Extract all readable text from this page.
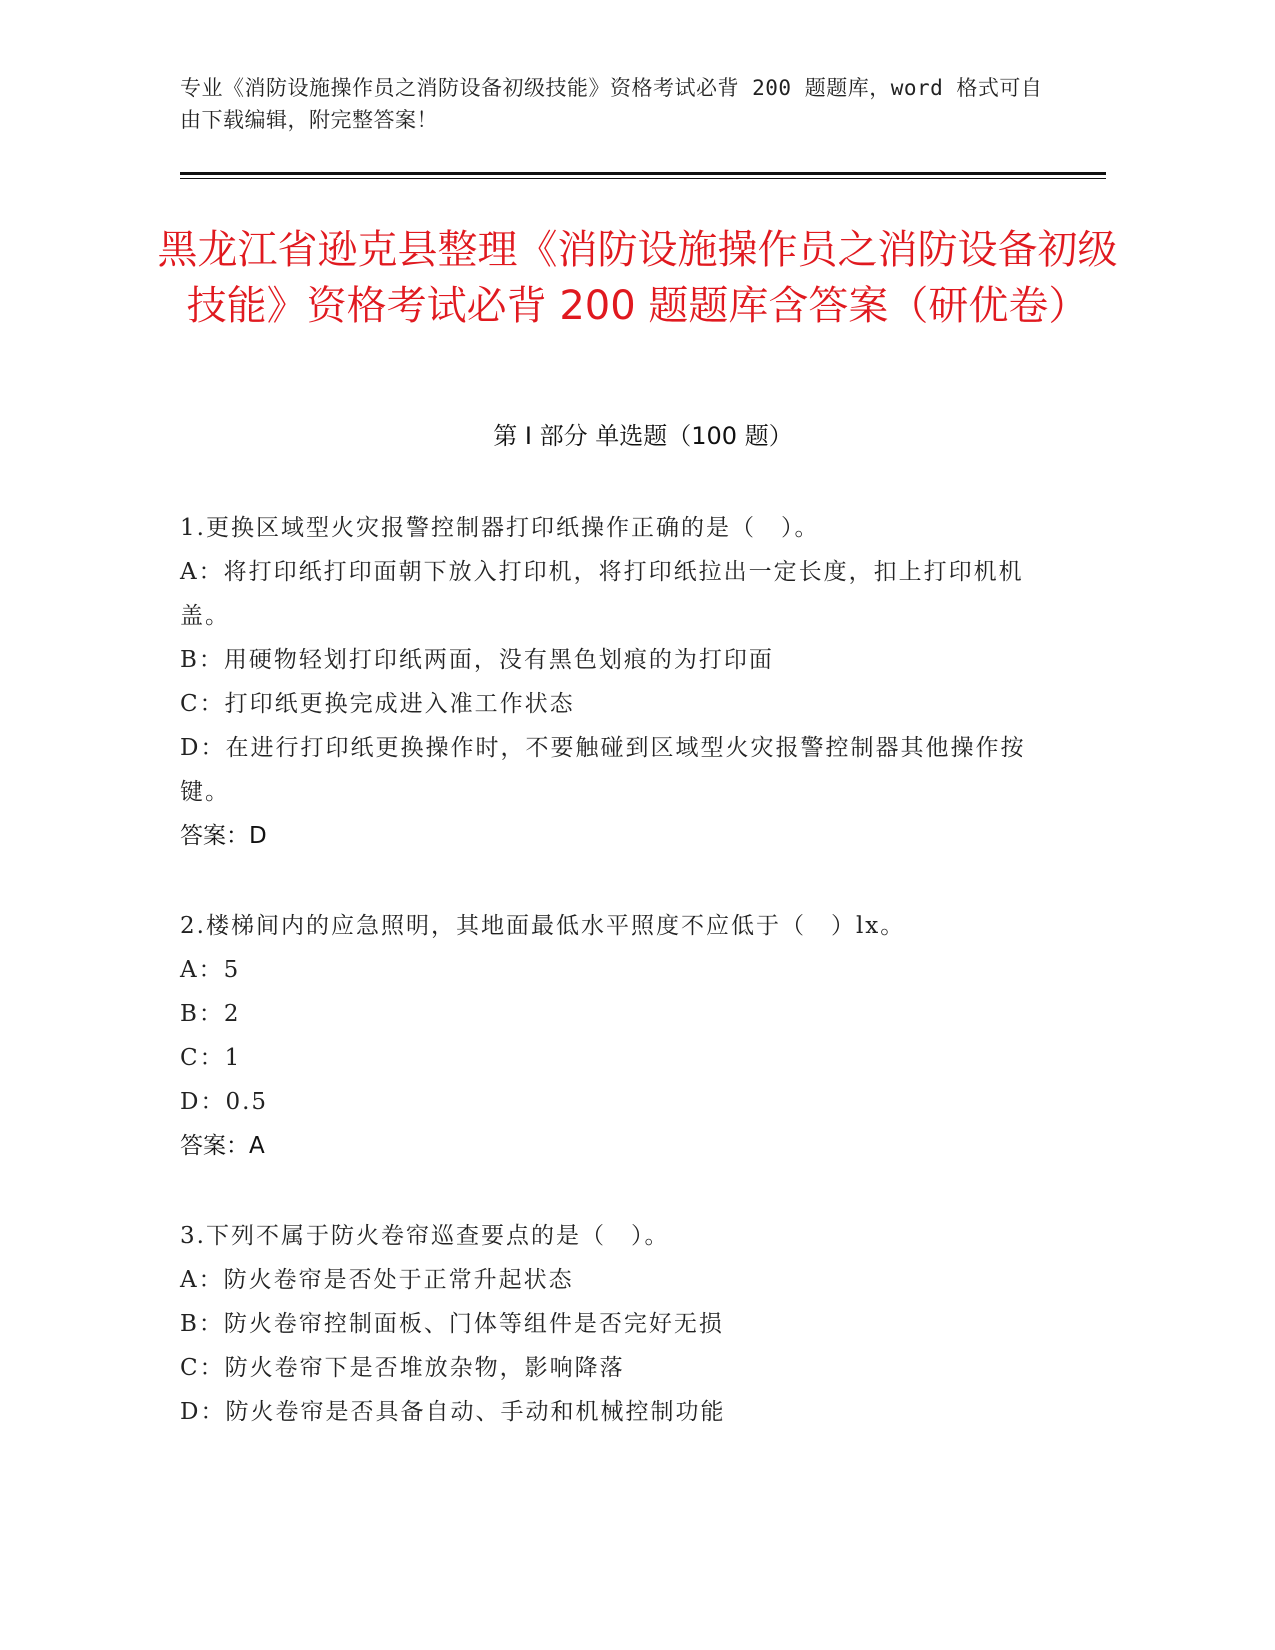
专业《消防设施操作员之消防设备初级技能》资格考试必背 200 题题库，word 格式可自由下载编辑，附完整答案！
黑龙江省逊克县整理《消防设施操作员之消防设备初级技能》资格考试必背 200 题题库含答案（研优卷）
第 I 部分 单选题（100 题）

1.更换区域型火灾报警控制器打印纸操作正确的是（　）。

A：将打印纸打印面朝下放入打印机，将打印纸拉出一定长度，扣上打印机机盖。

B：用硬物轻划打印纸两面，没有黑色划痕的为打印面

C：打印纸更换完成进入准工作状态

D：在进行打印纸更换操作时，不要触碰到区域型火灾报警控制器其他操作按键。

答案：D

2.楼梯间内的应急照明，其地面最低水平照度不应低于（　）lx。

A：5

B：2

C：1

D：0.5

答案：A

3.下列不属于防火卷帘巡查要点的是（　）。

A：防火卷帘是否处于正常升起状态

B：防火卷帘控制面板、门体等组件是否完好无损

C：防火卷帘下是否堆放杂物，影响降落

D：防火卷帘是否具备自动、手动和机械控制功能
